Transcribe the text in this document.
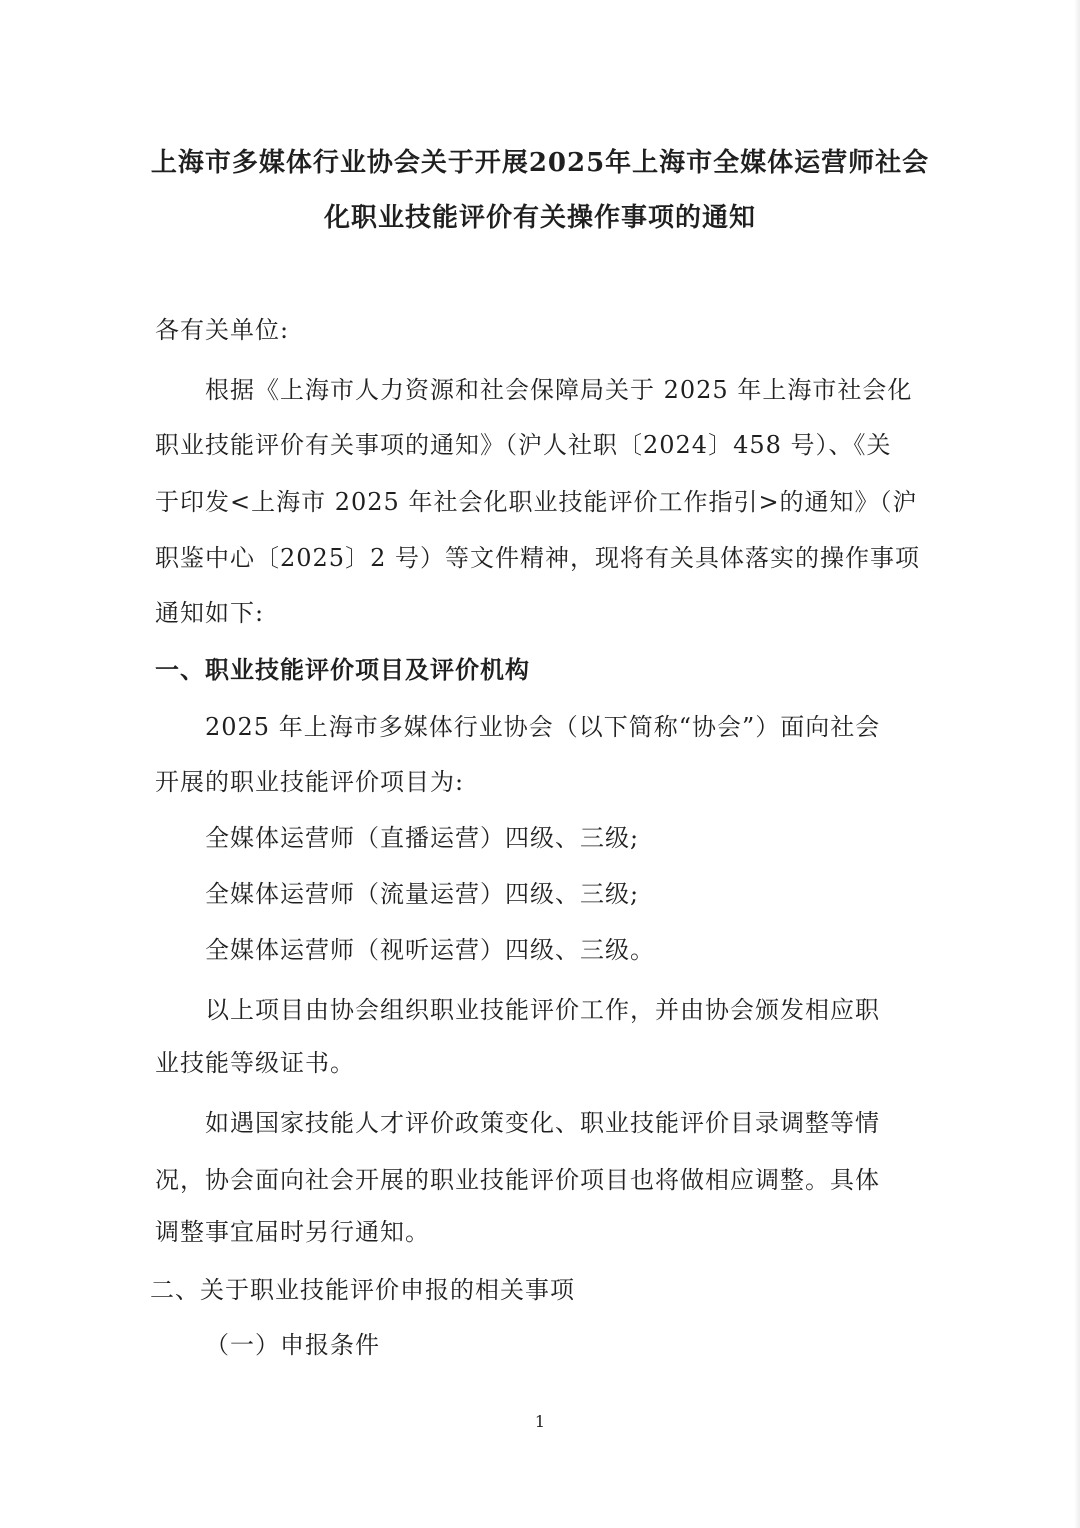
上海市多媒体行业协会关于开展2025年上海市全媒体运营师社会
化职业技能评价有关操作事项的通知
各有关单位:
根据《上海市人力资源和社会保障局关于 2025 年上海市社会化
职业技能评价有关事项的通知》（沪人社职〔2024〕458 号）、《关
于印发<上海市 2025 年社会化职业技能评价工作指引>的通知》（沪
职鉴中心〔2025〕2 号）等文件精神，现将有关具体落实的操作事项
通知如下:
一、职业技能评价项目及评价机构
2025 年上海市多媒体行业协会（以下简称“协会”）面向社会
开展的职业技能评价项目为:
全媒体运营师（直播运营）四级、三级;
全媒体运营师（流量运营）四级、三级;
全媒体运营师（视听运营）四级、三级。
以上项目由协会组织职业技能评价工作，并由协会颁发相应职
业技能等级证书。
如遇国家技能人才评价政策变化、职业技能评价目录调整等情
况，协会面向社会开展的职业技能评价项目也将做相应调整。具体
调整事宜届时另行通知。
二、关于职业技能评价申报的相关事项
（一）申报条件
1
